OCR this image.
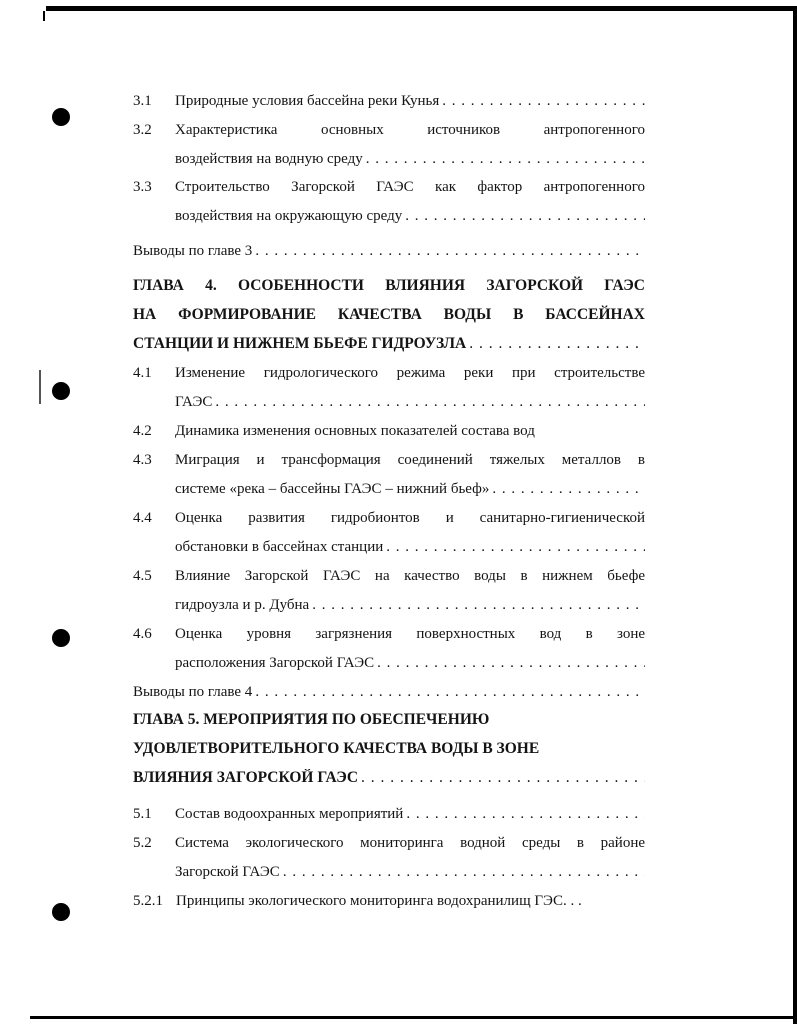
3.1 Природные условия бассейна реки Кунья
. . .
3.2 Характеристика основных источников антропогенного
воздействия на водную среду
. . .
3.3 Строительство Загорской ГАЭС как фактор антропогенного
воздействия на окружающую среду
. . .
Выводы по главе 3
. . .
ГЛАВА 4. ОСОБЕННОСТИ ВЛИЯНИЯ ЗАГОРСКОЙ ГАЭС
НА ФОРМИРОВАНИЕ КАЧЕСТВА ВОДЫ В БАССЕЙНАХ
СТАНЦИИ И НИЖНЕМ БЬЕФЕ ГИДРОУЗЛА
. . .
4.1 Изменение гидрологического режима реки при строительстве
ГАЭС
. . .
4.2 Динамика изменения основных показателей состава вод
4.3 Миграция и трансформация соединений тяжелых металлов в
системе «река – бассейны ГАЭС – нижний бьеф»
. . .
4.4 Оценка развития гидробионтов и санитарно-гигиенической
обстановки в бассейнах станции
. . .
4.5 Влияние Загорской ГАЭС на качество воды в нижнем бьефе
гидроузла и р. Дубна
. . .
4.6 Оценка уровня загрязнения поверхностных вод в зоне
расположения Загорской ГАЭС
. . .
Выводы по главе 4
. . .
ГЛАВА 5. МЕРОПРИЯТИЯ ПО ОБЕСПЕЧЕНИЮ
УДОВЛЕТВОРИТЕЛЬНОГО КАЧЕСТВА ВОДЫ В ЗОНЕ
ВЛИЯНИЯ ЗАГОРСКОЙ ГАЭС
. . .
5.1 Состав водоохранных мероприятий
. . .
5.2 Система экологического мониторинга водной среды в районе
Загорской ГАЭС
. . .
5.2.1 Принципы экологического мониторинга водохранилищ ГЭС. . .
